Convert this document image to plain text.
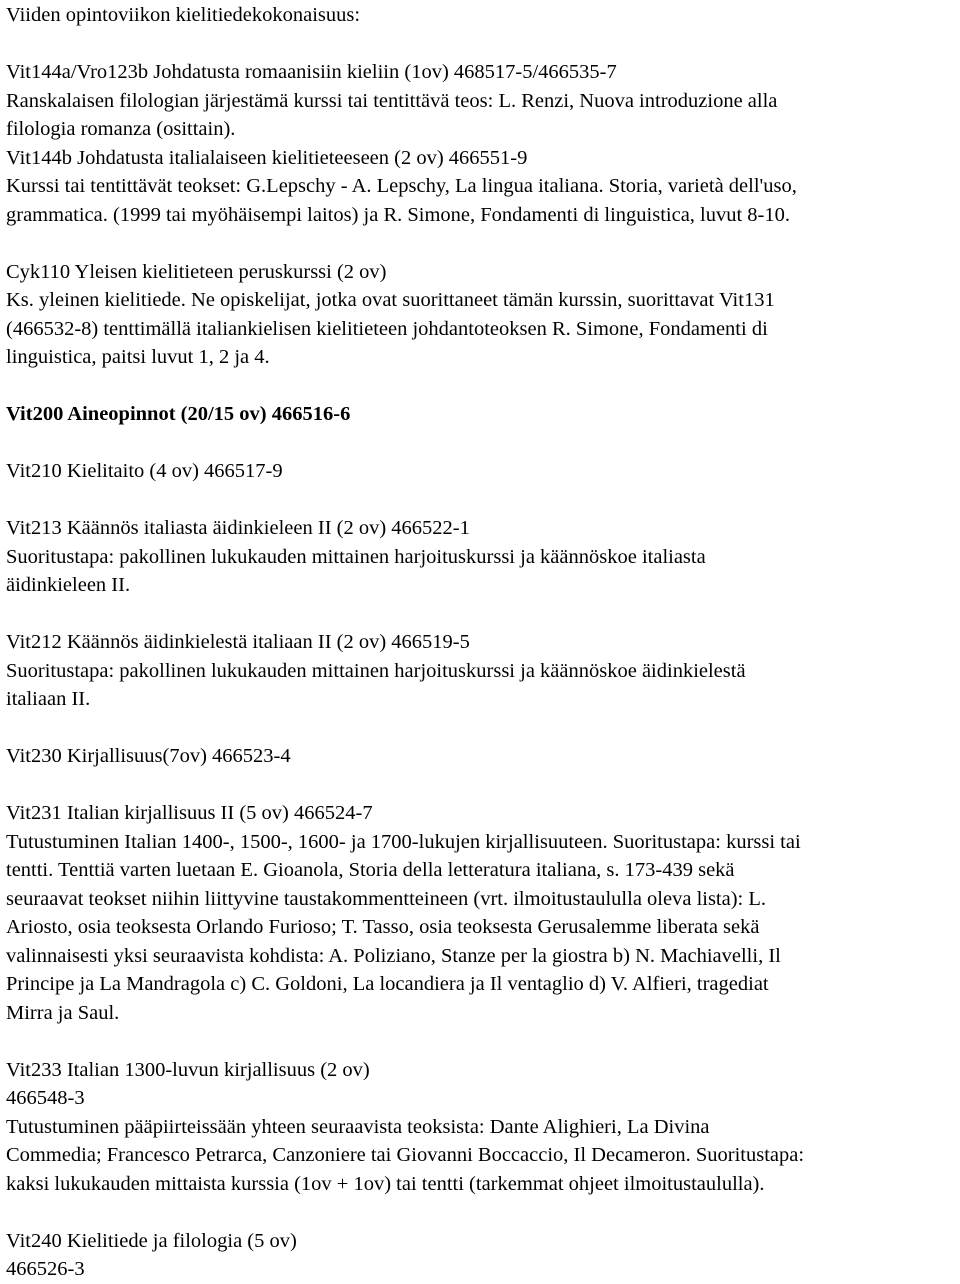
Viiden opintoviikon kielitiedekokonaisuus:

Vit144a/Vro123b Johdatusta romaanisiin kieliin (1ov) 468517-5/466535-7

Ranskalaisen filologian järjestämä kurssi tai tentittävä teos: L. Renzi, Nuova introduzione alla

filologia romanza (osittain).

Vit144b Johdatusta italialaiseen kielitieteeseen (2 ov) 466551-9

Kurssi tai tentittävät teokset: G.Lepschy - A. Lepschy, La lingua italiana. Storia, varietà dell'uso,

grammatica. (1999 tai myöhäisempi laitos) ja R. Simone, Fondamenti di linguistica, luvut 8-10.

Cyk110 Yleisen kielitieteen peruskurssi (2 ov)

Ks. yleinen kielitiede. Ne opiskelijat, jotka ovat suorittaneet tämän kurssin, suorittavat Vit131

(466532-8) tenttimällä italiankielisen kielitieteen johdantoteoksen R. Simone, Fondamenti di

linguistica, paitsi luvut 1, 2 ja 4.

Vit200 Aineopinnot (20/15 ov) 466516-6

Vit210 Kielitaito (4 ov) 466517-9

Vit213 Käännös italiasta äidinkieleen II (2 ov) 466522-1

Suoritustapa: pakollinen lukukauden mittainen harjoituskurssi ja käännöskoe italiasta

äidinkieleen II.

Vit212 Käännös äidinkielestä italiaan II (2 ov) 466519-5

Suoritustapa: pakollinen lukukauden mittainen harjoituskurssi ja käännöskoe äidinkielestä

italiaan II.

Vit230 Kirjallisuus(7ov) 466523-4

Vit231 Italian kirjallisuus II (5 ov) 466524-7

Tutustuminen Italian 1400-, 1500-, 1600- ja 1700-lukujen kirjallisuuteen. Suoritustapa: kurssi tai

tentti. Tenttiä varten luetaan E. Gioanola, Storia della letteratura italiana, s. 173-439 sekä

seuraavat teokset niihin liittyvine taustakommentteineen (vrt. ilmoitustaululla oleva lista): L.

Ariosto, osia teoksesta Orlando Furioso; T. Tasso, osia teoksesta Gerusalemme liberata sekä

valinnaisesti yksi seuraavista kohdista: A. Poliziano, Stanze per la giostra b) N. Machiavelli, Il

Principe ja La Mandragola c) C. Goldoni, La locandiera ja Il ventaglio d) V. Alfieri, tragediat

Mirra ja Saul.

Vit233 Italian 1300-luvun kirjallisuus (2 ov)

466548-3

Tutustuminen pääpiirteissään yhteen seuraavista teoksista: Dante Alighieri, La Divina

Commedia; Francesco Petrarca, Canzoniere tai Giovanni Boccaccio, Il Decameron. Suoritustapa:

kaksi lukukauden mittaista kurssia (1ov + 1ov) tai tentti (tarkemmat ohjeet ilmoitustaululla).

Vit240 Kielitiede ja filologia (5 ov)

466526-3
